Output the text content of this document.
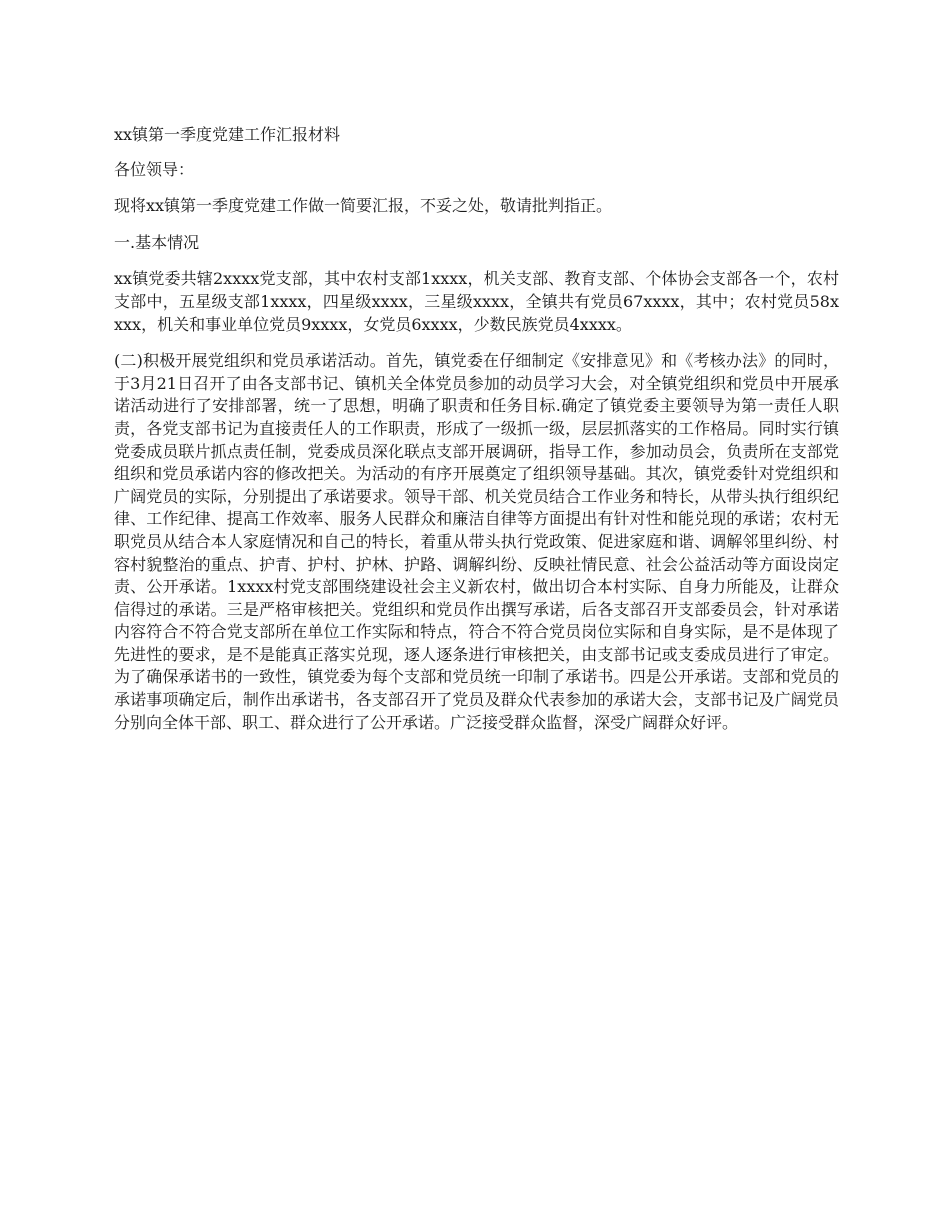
xx镇第一季度党建工作汇报材料

各位领导：

现将xx镇第一季度党建工作做一简要汇报，不妥之处，敬请批判指正。

一.基本情况

xx镇党委共辖2xxxx党支部，其中农村支部1xxxx，机关支部、教育支部、个体协会支部各一个，农村支部中，五星级支部1xxxx，四星级xxxx，三星级xxxx，全镇共有党员67xxxx，其中；农村党员58xxxx，机关和事业单位党员9xxxx，女党员6xxxx，少数民族党员4xxxx。

(二)积极开展党组织和党员承诺活动。首先，镇党委在仔细制定《安排意见》和《考核办法》的同时，于3月21日召开了由各支部书记、镇机关全体党员参加的动员学习大会，对全镇党组织和党员中开展承诺活动进行了安排部署，统一了思想，明确了职责和任务目标.确定了镇党委主要领导为第一责任人职责，各党支部书记为直接责任人的工作职责，形成了一级抓一级，层层抓落实的工作格局。同时实行镇党委成员联片抓点责任制，党委成员深化联点支部开展调研，指导工作，参加动员会，负责所在支部党组织和党员承诺内容的修改把关。为活动的有序开展奠定了组织领导基础。其次，镇党委针对党组织和广阔党员的实际，分别提出了承诺要求。领导干部、机关党员结合工作业务和特长，从带头执行组织纪律、工作纪律、提高工作效率、服务人民群众和廉洁自律等方面提出有针对性和能兑现的承诺；农村无职党员从结合本人家庭情况和自己的特长，着重从带头执行党政策、促进家庭和谐、调解邻里纠纷、村容村貌整治的重点、护青、护村、护林、护路、调解纠纷、反映社情民意、社会公益活动等方面设岗定责、公开承诺。1xxxx村党支部围绕建设社会主义新农村，做出切合本村实际、自身力所能及，让群众信得过的承诺。三是严格审核把关。党组织和党员作出撰写承诺，后各支部召开支部委员会，针对承诺内容符合不符合党支部所在单位工作实际和特点，符合不符合党员岗位实际和自身实际，是不是体现了先进性的要求，是不是能真正落实兑现，逐人逐条进行审核把关，由支部书记或支委成员进行了审定。为了确保承诺书的一致性，镇党委为每个支部和党员统一印制了承诺书。四是公开承诺。支部和党员的承诺事项确定后，制作出承诺书，各支部召开了党员及群众代表参加的承诺大会，支部书记及广阔党员分别向全体干部、职工、群众进行了公开承诺。广泛接受群众监督，深受广阔群众好评。
